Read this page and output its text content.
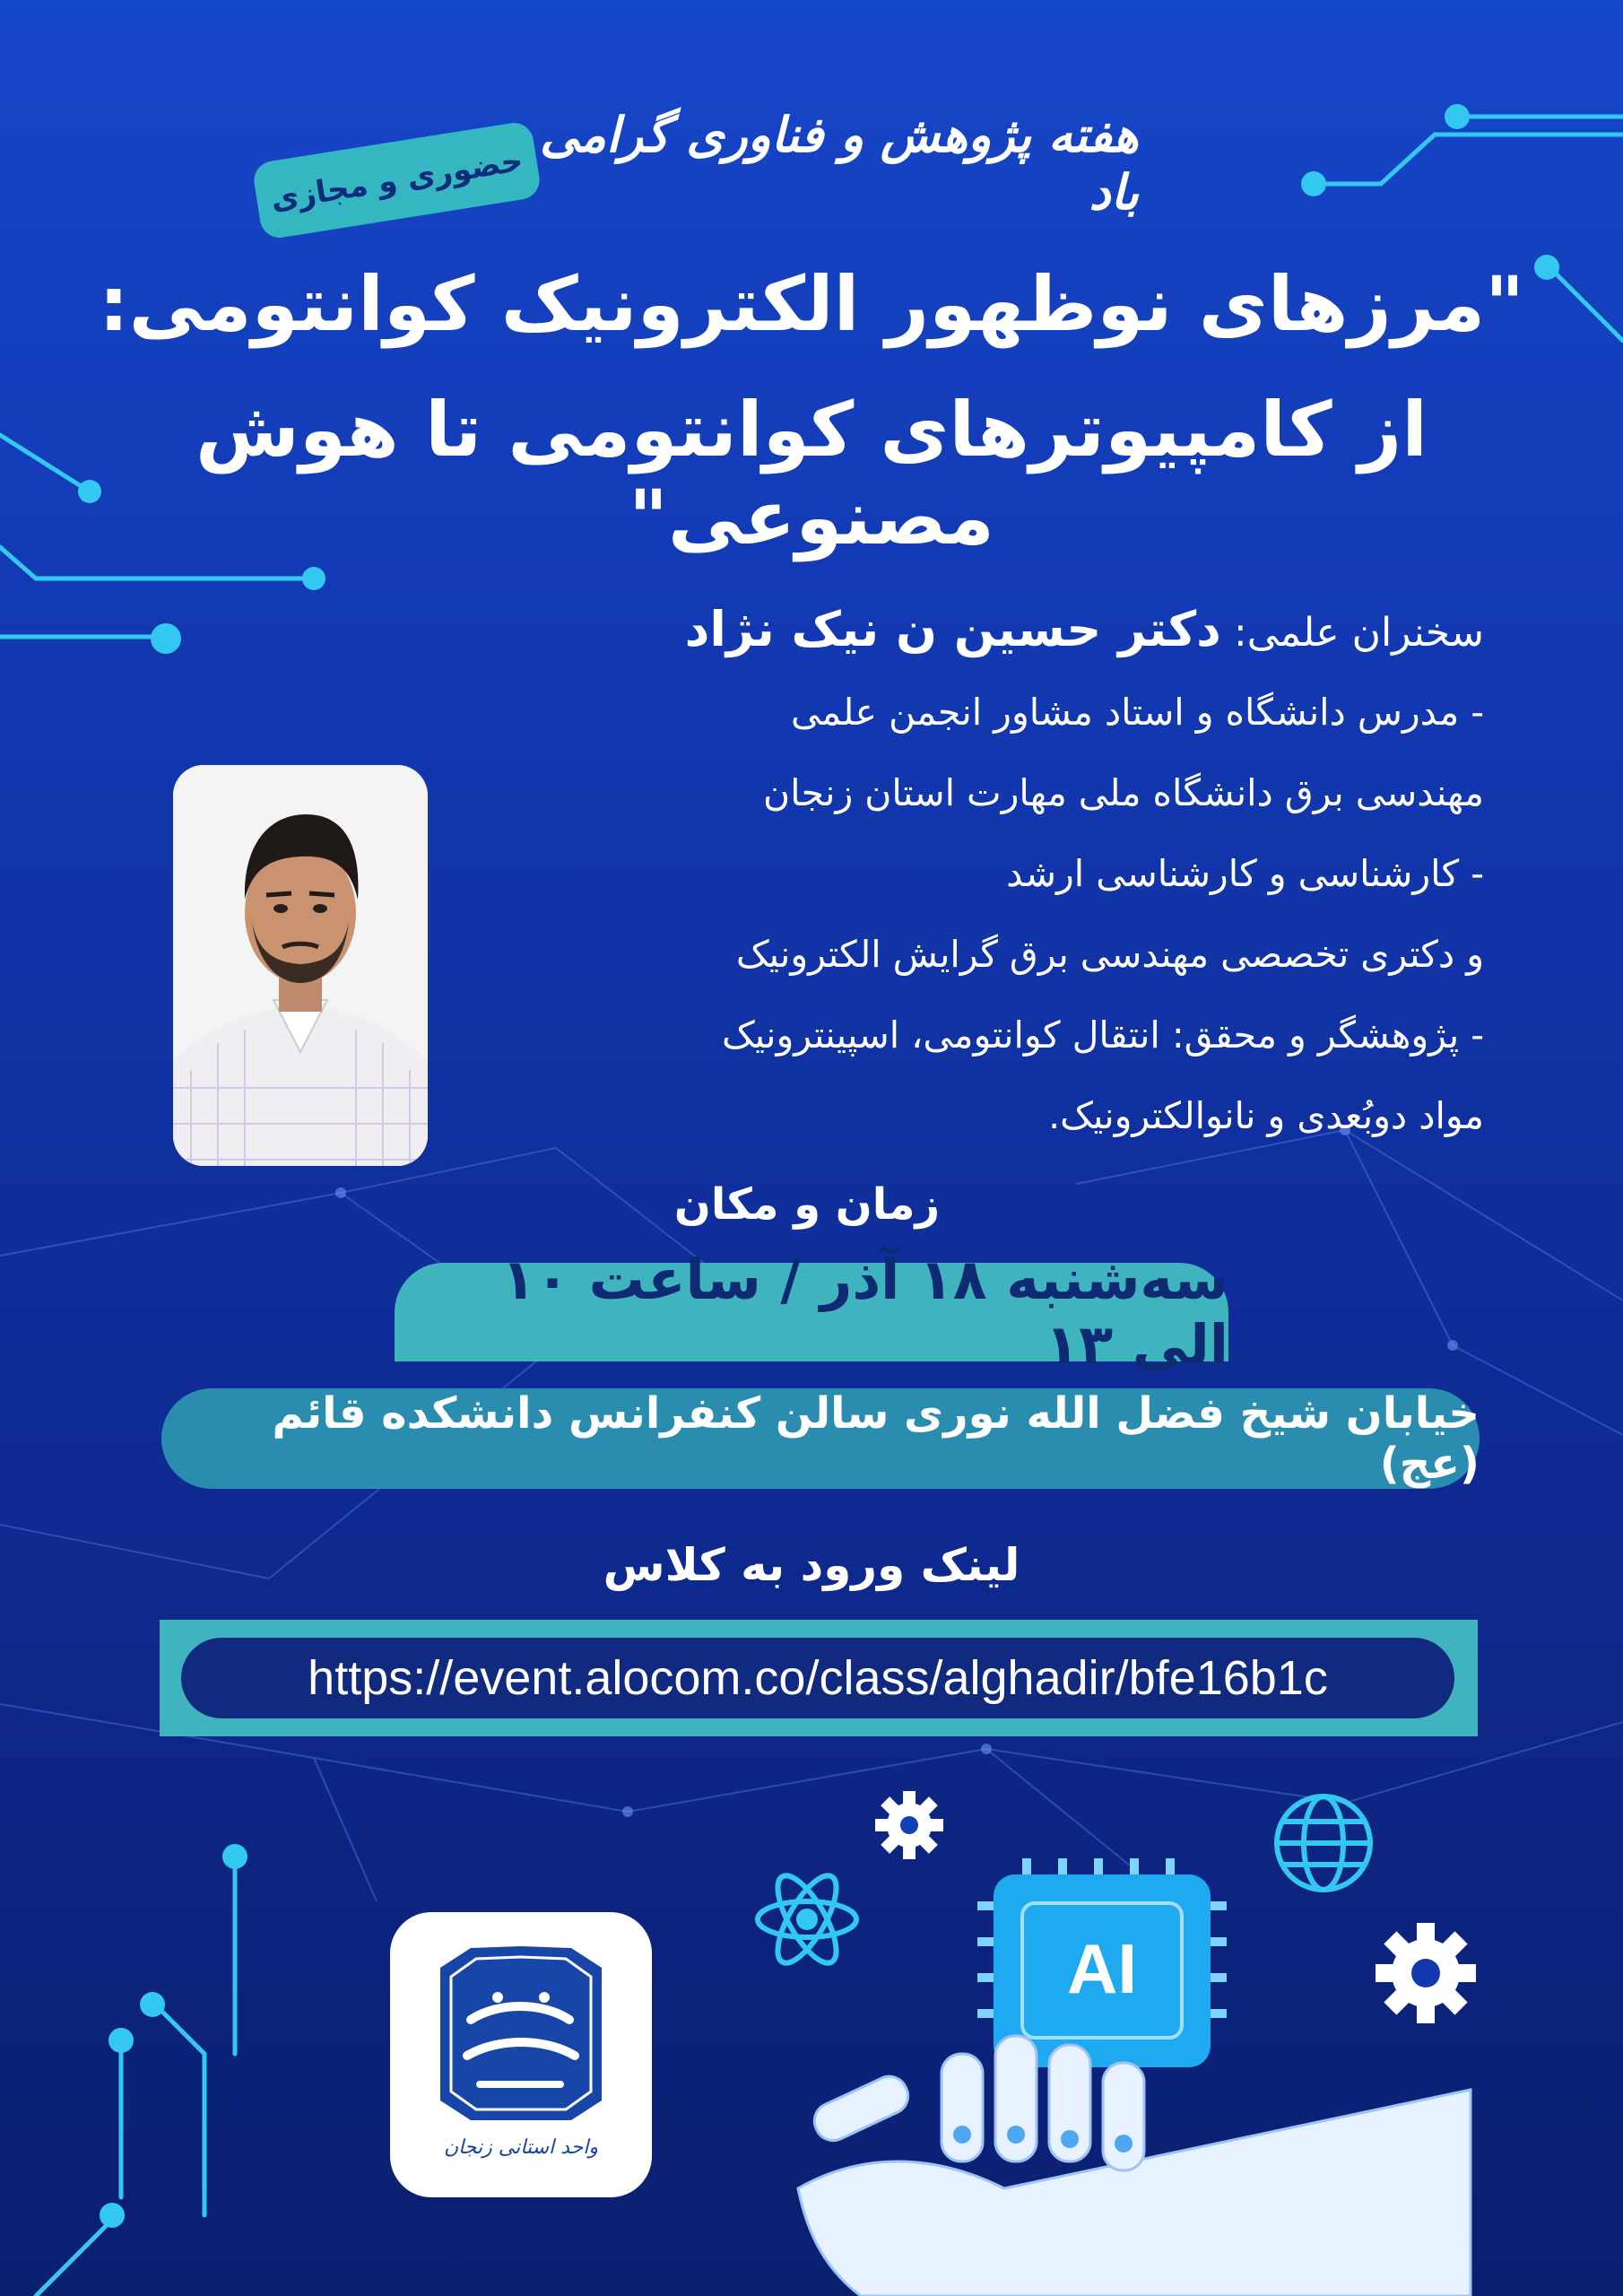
AI
هفته پژوهش و فناوری گرامی باد
حضوری و مجازی
"مرزهای نوظهور الکترونیک کوانتومی:
از کامپیوترهای کوانتومی تا هوش مصنوعی"
سخنران علمی: دکتر حسین ن نیک نژاد
- مدرس دانشگاه و استاد مشاور انجمن علمی
مهندسی برق دانشگاه ملی مهارت استان زنجان
- کارشناسی و کارشناسی ارشد
و دکتری تخصصی مهندسی برق گرایش الکترونیک
- پژوهشگر و محقق: انتقال کوانتومی، اسپینترونیک
مواد دوبُعدی و نانوالکترونیک.
زمان و مکان
سه‌شنبه ۱۸ آذر / ساعت ۱۰ الی ۱۳
خیابان شیخ فضل الله نوری سالن کنفرانس دانشکده قائم (عج)
لینک ورود به کلاس
https://event.alocom.co/class/alghadir/bfe16b1c
واحد استانی زنجان
